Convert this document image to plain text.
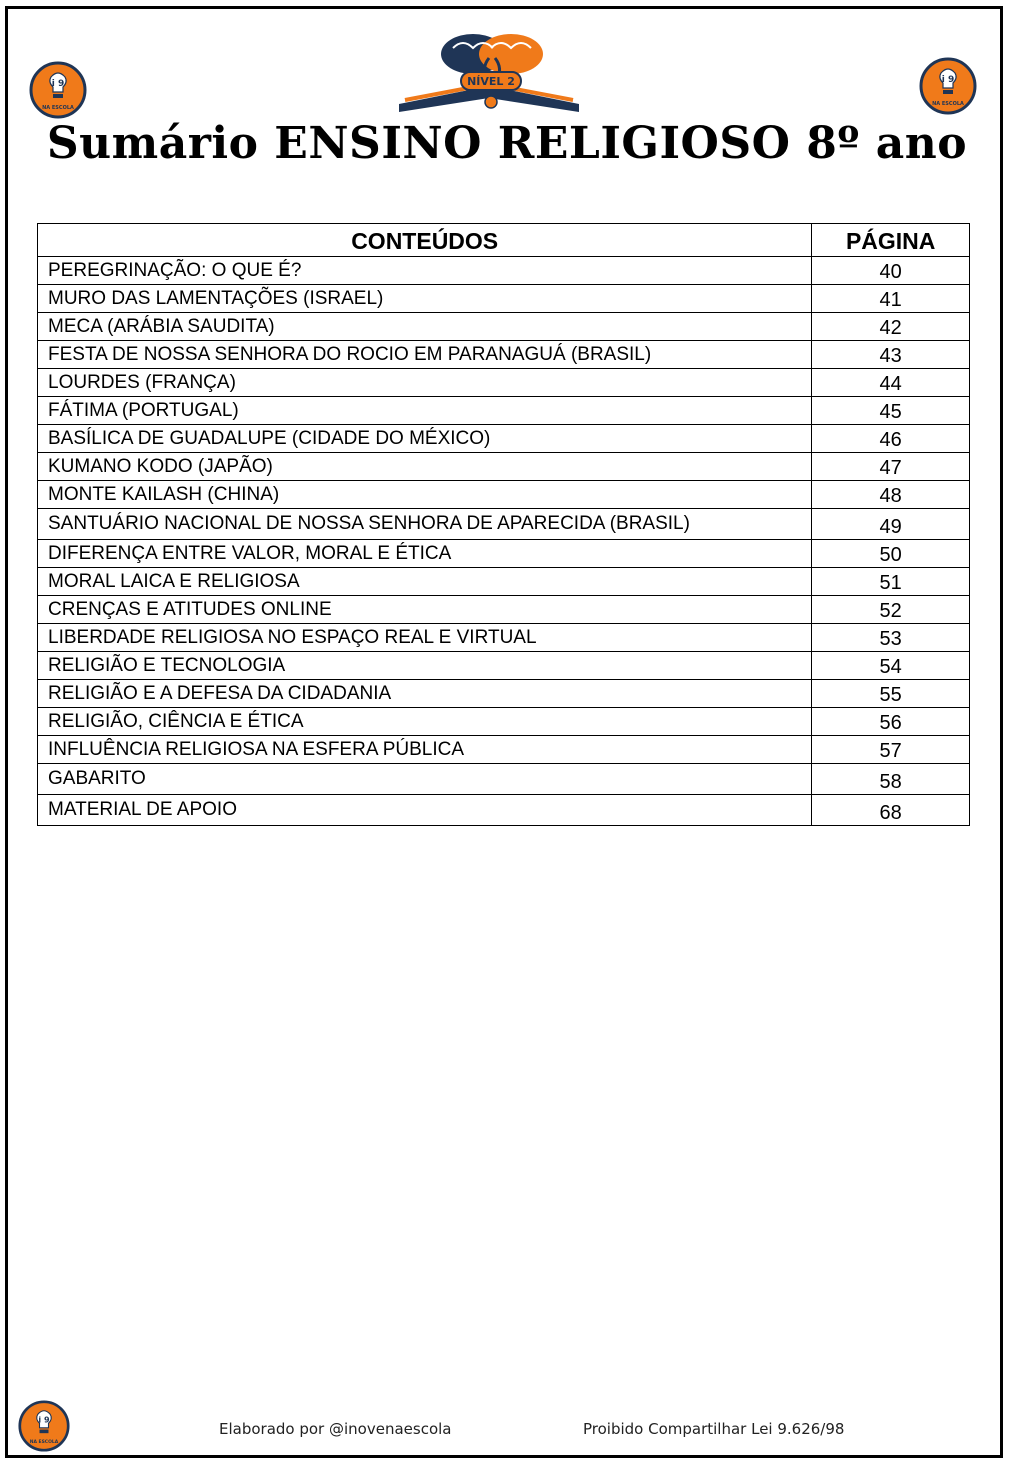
i 9
NA ESCOLA
NÍVEL 2	i 9
NA ESCOLA
Sumário ENSINO RELIGIOSO 8º ano
CONTEÚDOS	PÁGINA
PEREGRINAÇÃO: O QUE É?	40
MURO DAS LAMENTAÇÕES (ISRAEL)	41
MECA (ARÁBIA SAUDITA)	42
FESTA DE NOSSA SENHORA DO ROCIO EM PARANAGUÁ (BRASIL)	43
LOURDES (FRANÇA)	44
FÁTIMA (PORTUGAL)	45
BASÍLICA DE GUADALUPE (CIDADE DO MÉXICO)	46
KUMANO KODO (JAPÃO)	47
MONTE KAILASH (CHINA)	48
SANTUÁRIO NACIONAL DE NOSSA SENHORA DE APARECIDA (BRASIL)	49
DIFERENÇA ENTRE VALOR, MORAL E ÉTICA	50
MORAL LAICA E RELIGIOSA	51
CRENÇAS E ATITUDES ONLINE	52
LIBERDADE RELIGIOSA NO ESPAÇO REAL E VIRTUAL	53
RELIGIÃO E TECNOLOGIA	54
RELIGIÃO E A DEFESA DA CIDADANIA	55
RELIGIÃO, CIÊNCIA E ÉTICA	56
INFLUÊNCIA RELIGIOSA NA ESFERA PÚBLICA	57
GABARITO	58
MATERIAL DE APOIO	68
i 9
NA ESCOLA
Elaborado por @inovenaescola	Proibido Compartilhar Lei 9.626/98
